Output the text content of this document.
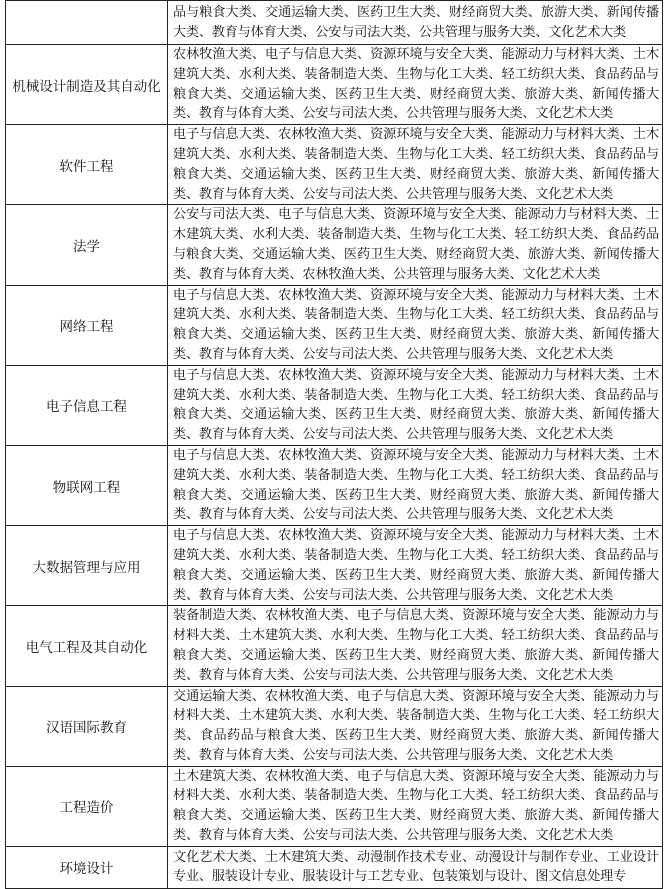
	品与粮食大类、交通运输大类、医药卫生大类、财经商贸大类、旅游大类、新闻传播大类、教育与体育大类、公安与司法大类、公共管理与服务大类、文化艺术大类

机械设计制造及其自动化	农林牧渔大类、电子与信息大类、资源环境与安全大类、能源动力与材料大类、土木建筑大类、水利大类、装备制造大类、生物与化工大类、轻工纺织大类、食品药品与粮食大类、交通运输大类、医药卫生大类、财经商贸大类、旅游大类、新闻传播大类、教育与体育大类、公安与司法大类、公共管理与服务大类、文化艺术大类

软件工程	电子与信息大类、农林牧渔大类、资源环境与安全大类、能源动力与材料大类、土木建筑大类、水利大类、装备制造大类、生物与化工大类、轻工纺织大类、食品药品与粮食大类、交通运输大类、医药卫生大类、财经商贸大类、旅游大类、新闻传播大类、教育与体育大类、公安与司法大类、公共管理与服务大类、文化艺术大类

法学	公安与司法大类、电子与信息大类、资源环境与安全大类、能源动力与材料大类、土木建筑大类、水利大类、装备制造大类、生物与化工大类、轻工纺织大类、食品药品与粮食大类、交通运输大类、医药卫生大类、财经商贸大类、旅游大类、新闻传播大类、教育与体育大类、农林牧渔大类、公共管理与服务大类、文化艺术大类

网络工程	电子与信息大类、农林牧渔大类、资源环境与安全大类、能源动力与材料大类、土木建筑大类、水利大类、装备制造大类、生物与化工大类、轻工纺织大类、食品药品与粮食大类、交通运输大类、医药卫生大类、财经商贸大类、旅游大类、新闻传播大类、教育与体育大类、公安与司法大类、公共管理与服务大类、文化艺术大类

电子信息工程	电子与信息大类、农林牧渔大类、资源环境与安全大类、能源动力与材料大类、土木建筑大类、水利大类、装备制造大类、生物与化工大类、轻工纺织大类、食品药品与粮食大类、交通运输大类、医药卫生大类、财经商贸大类、旅游大类、新闻传播大类、教育与体育大类、公安与司法大类、公共管理与服务大类、文化艺术大类

物联网工程	电子与信息大类、农林牧渔大类、资源环境与安全大类、能源动力与材料大类、土木建筑大类、水利大类、装备制造大类、生物与化工大类、轻工纺织大类、食品药品与粮食大类、交通运输大类、医药卫生大类、财经商贸大类、旅游大类、新闻传播大类、教育与体育大类、公安与司法大类、公共管理与服务大类、文化艺术大类

大数据管理与应用	电子与信息大类、农林牧渔大类、资源环境与安全大类、能源动力与材料大类、土木建筑大类、水利大类、装备制造大类、生物与化工大类、轻工纺织大类、食品药品与粮食大类、交通运输大类、医药卫生大类、财经商贸大类、旅游大类、新闻传播大类、教育与体育大类、公安与司法大类、公共管理与服务大类、文化艺术大类

电气工程及其自动化	装备制造大类、农林牧渔大类、电子与信息大类、资源环境与安全大类、能源动力与材料大类、土木建筑大类、水利大类、生物与化工大类、轻工纺织大类、食品药品与粮食大类、交通运输大类、医药卫生大类、财经商贸大类、旅游大类、新闻传播大类、教育与体育大类、公安与司法大类、公共管理与服务大类、文化艺术大类

汉语国际教育	交通运输大类、农林牧渔大类、电子与信息大类、资源环境与安全大类、能源动力与材料大类、土木建筑大类、水利大类、装备制造大类、生物与化工大类、轻工纺织大类、食品药品与粮食大类、医药卫生大类、财经商贸大类、旅游大类、新闻传播大类、教育与体育大类、公安与司法大类、公共管理与服务大类、文化艺术大类

工程造价	土木建筑大类、农林牧渔大类、电子与信息大类、资源环境与安全大类、能源动力与材料大类、水利大类、装备制造大类、生物与化工大类、轻工纺织大类、食品药品与粮食大类、交通运输大类、医药卫生大类、财经商贸大类、旅游大类、新闻传播大类、教育与体育大类、公安与司法大类、公共管理与服务大类、文化艺术大类

环境设计	文化艺术大类、土木建筑大类、动漫制作技术专业、动漫设计与制作专业、工业设计专业、服装设计专业、服装设计与工艺专业、包装策划与设计、图文信息处理专
